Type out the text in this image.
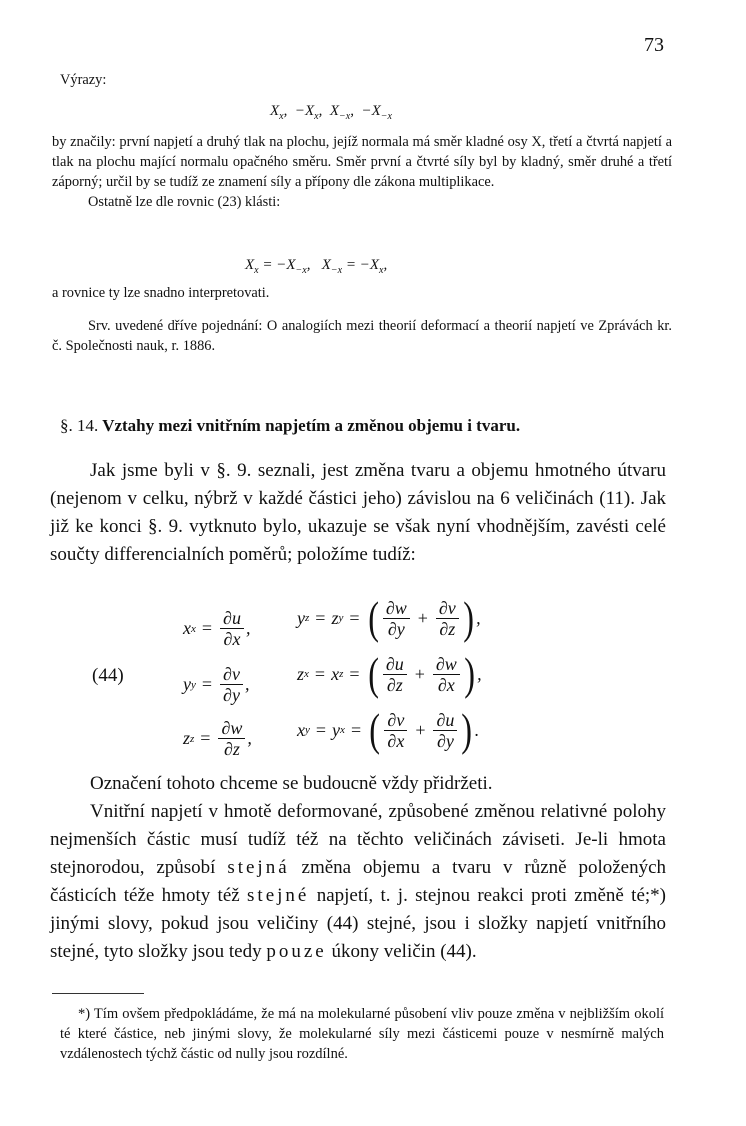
73
Výrazy:
$X_x$,  $-X_x$,  $X_{-x}$,  $-X_{-x}$
by značily: první napjetí a druhý tlak na plochu, jejíž normala má směr kladné osy X, třetí a čtvrtá napjetí a tlak na plochu mající normalu opačného směru. Směr první a čtvrté síly byl by kladný, směr druhé a třetí záporný; určil by se tudíž ze znamení síly a přípony dle zákona multiplikace.
Ostatně lze dle rovnic (23) klásti:
$X_x = -X_{-x}$,   $X_{-x} = -X_x$,
a rovnice ty lze snadno interpretovati.
Srv. uvedené dříve pojednání: O analogiích mezi theorií deformací a theorií napjetí ve Zprávách kr. č. Společnosti nauk, r. 1886.
§. 14. Vztahy mezi vnitřním napjetím a změnou objemu i tvaru.
Jak jsme byli v §. 9. seznali, jest změna tvaru a objemu hmotného útvaru (nejenom v celku, nýbrž v každé částici jeho) závislou na 6 veličinách (11). Jak již ke konci §. 9. vytknuto bylo, ukazuje se však nyní vhodnějším, zavésti celé součty differencialních poměrů; položíme tudíž:
(44)
x $x = \frac{\partial u}{\partial x}$ ,
y z = z y = ( $\frac{\partial w}{\partial y} + \frac{\partial v}{\partial z}$ ) ,
y $y = \frac{\partial v}{\partial y}$ ,
z x = x z = ( $\frac{\partial u}{\partial z} + \frac{\partial w}{\partial x}$ ) ,
z $z = \frac{\partial w}{\partial z}$ ,	x y = y x = ( $\frac{\partial v}{\partial x} + \frac{\partial u}{\partial y}$ ) .
Označení tohoto chceme se budoucně vždy přidržeti.
Vnitřní napjetí v hmotě deformované, způsobené změnou relativné polohy nejmenších částic musí tudíž též na těchto veličinách záviseti. Je-li hmota stejnorodou, způsobí stejná změna objemu a tvaru v různě položených částicích téže hmoty též stejné napjetí, t. j. stejnou reakci proti změně té;*) jinými slovy, pokud jsou veličiny (44) stejné, jsou i složky napjetí vnitřního stejné, tyto složky jsou tedy pouze úkony veličin (44).
*) Tím ovšem předpokládáme, že má na molekularné působení vliv pouze změna v nejbližším okolí té které částice, neb jinými slovy, že molekularné síly mezi částicemi pouze v nesmírně malých vzdálenostech týchž částic od nully jsou rozdílné.
